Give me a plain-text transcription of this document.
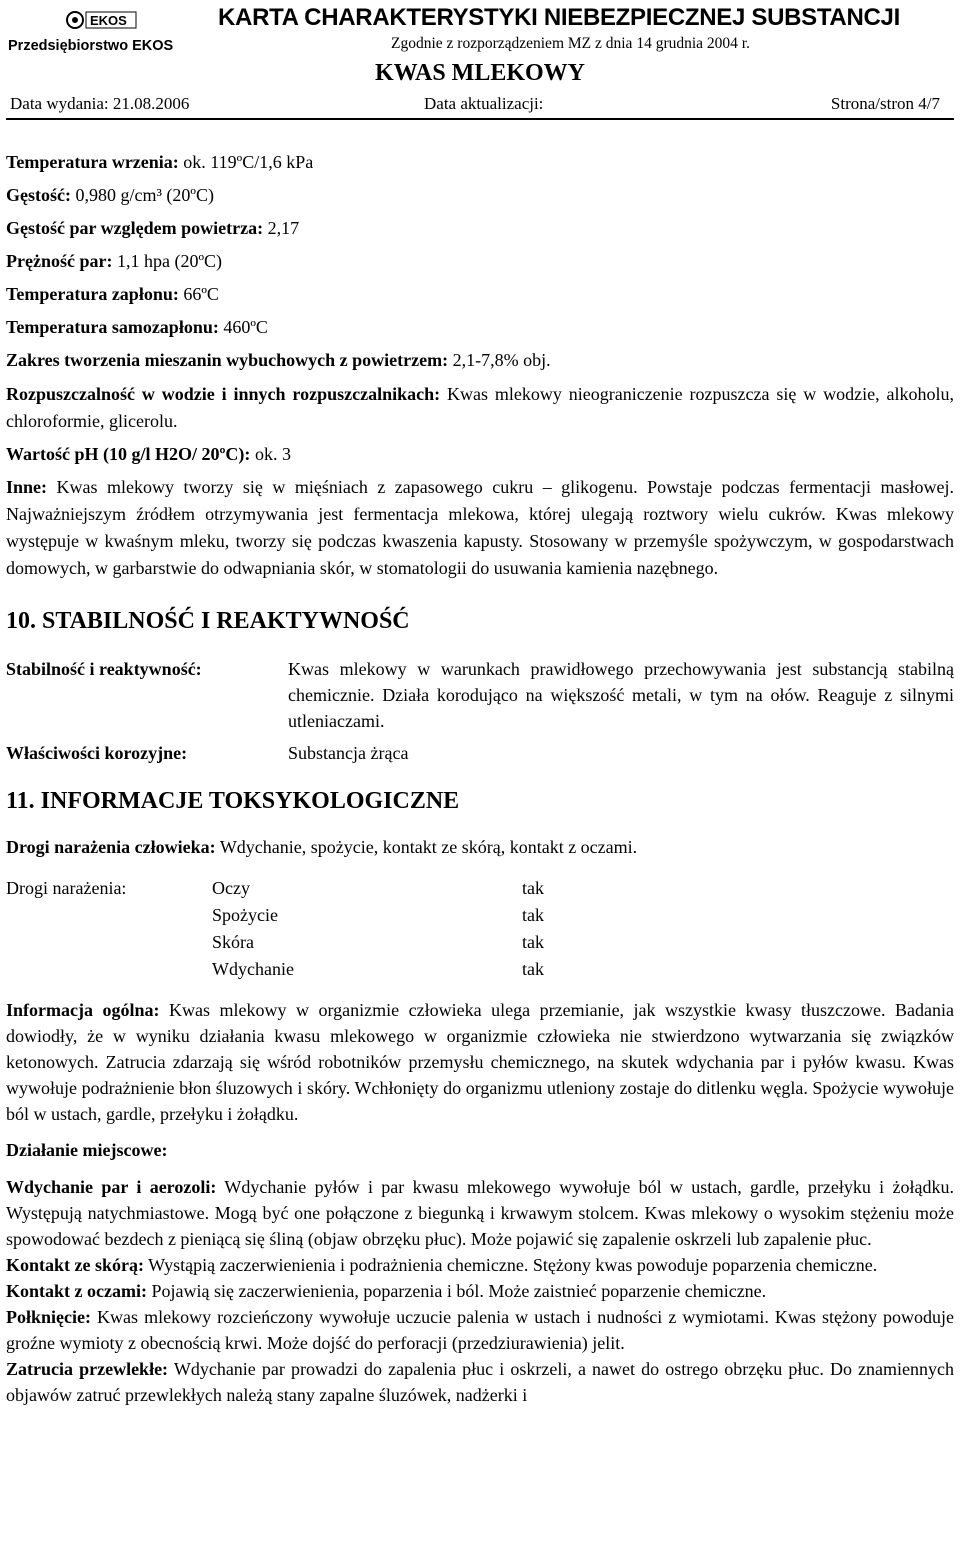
EKOS
Przedsiębiorstwo EKOS
KARTA CHARAKTERYSTYKI NIEBEZPIECZNEJ SUBSTANCJI
Zgodnie z rozporządzeniem MZ z dnia 14 grudnia 2004 r.
KWAS MLEKOWY
Data wydania: 21.08.2006	Data aktualizacji:	Strona/stron 4/7

Temperatura wrzenia: ok. 119ºC/1,6 kPa

Gęstość: 0,980 g/cm³ (20ºC)

Gęstość par względem powietrza: 2,17

Prężność par: 1,1 hpa (20ºC)

Temperatura zapłonu: 66ºC

Temperatura samozapłonu: 460ºC

Zakres tworzenia mieszanin wybuchowych z powietrzem: 2,1-7,8% obj.

Rozpuszczalność w wodzie i innych rozpuszczalnikach: Kwas mlekowy nieograniczenie rozpuszcza się w wodzie, alkoholu, chloroformie, glicerolu.

Wartość pH (10 g/l H2O/ 20ºC): ok. 3

Inne: Kwas mlekowy tworzy się w mięśniach z zapasowego cukru – glikogenu. Powstaje podczas fermentacji masłowej. Najważniejszym źródłem otrzymywania jest fermentacja mlekowa, której ulegają roztwory wielu cukrów. Kwas mlekowy występuje w kwaśnym mleku, tworzy się podczas kwaszenia kapusty. Stosowany w przemyśle spożywczym, w gospodarstwach domowych, w garbarstwie do odwapniania skór, w stomatologii do usuwania kamienia nazębnego.

10. STABILNOŚĆ I REAKTYWNOŚĆ
Stabilność i reaktywność:	Kwas mlekowy w warunkach prawidłowego przechowywania jest substancją stabilną chemicznie. Działa korodująco na większość metali, w tym na ołów. Reaguje z silnymi utleniaczami.
Właściwości korozyjne:	Substancja żrąca
11. INFORMACJE TOKSYKOLOGICZNE

Drogi narażenia człowieka: Wdychanie, spożycie, kontakt ze skórą, kontakt z oczami.

Drogi narażenia:	Oczy	tak
	Spożycie	tak
	Skóra	tak
	Wdychanie	tak

Informacja ogólna: Kwas mlekowy w organizmie człowieka ulega przemianie, jak wszystkie kwasy tłuszczowe. Badania dowiodły, że w wyniku działania kwasu mlekowego w organizmie człowieka nie stwierdzono wytwarzania się związków ketonowych. Zatrucia zdarzają się wśród robotników przemysłu chemicznego, na skutek wdychania par i pyłów kwasu. Kwas wywołuje podrażnienie błon śluzowych i skóry. Wchłonięty do organizmu utleniony zostaje do ditlenku węgla. Spożycie wywołuje ból w ustach, gardle, przełyku i żołądku.

Działanie miejscowe:

Wdychanie par i aerozoli: Wdychanie pyłów i par kwasu mlekowego wywołuje ból w ustach, gardle, przełyku i żołądku. Występują natychmiastowe. Mogą być one połączone z biegunką i krwawym stolcem. Kwas mlekowy o wysokim stężeniu może spowodować bezdech z pieniącą się śliną (objaw obrzęku płuc). Może pojawić się zapalenie oskrzeli lub zapalenie płuc.

Kontakt ze skórą: Wystąpią zaczerwienienia i podrażnienia chemiczne. Stężony kwas powoduje poparzenia chemiczne.

Kontakt z oczami: Pojawią się zaczerwienienia, poparzenia i ból. Może zaistnieć poparzenie chemiczne.

Połknięcie: Kwas mlekowy rozcieńczony wywołuje uczucie palenia w ustach i nudności z wymiotami. Kwas stężony powoduje groźne wymioty z obecnością krwi. Może dojść do perforacji (przedziurawienia) jelit.

Zatrucia przewlekłe: Wdychanie par prowadzi do zapalenia płuc i oskrzeli, a nawet do ostrego obrzęku płuc. Do znamiennych objawów zatruć przewlekłych należą stany zapalne śluzówek, nadżerki i
